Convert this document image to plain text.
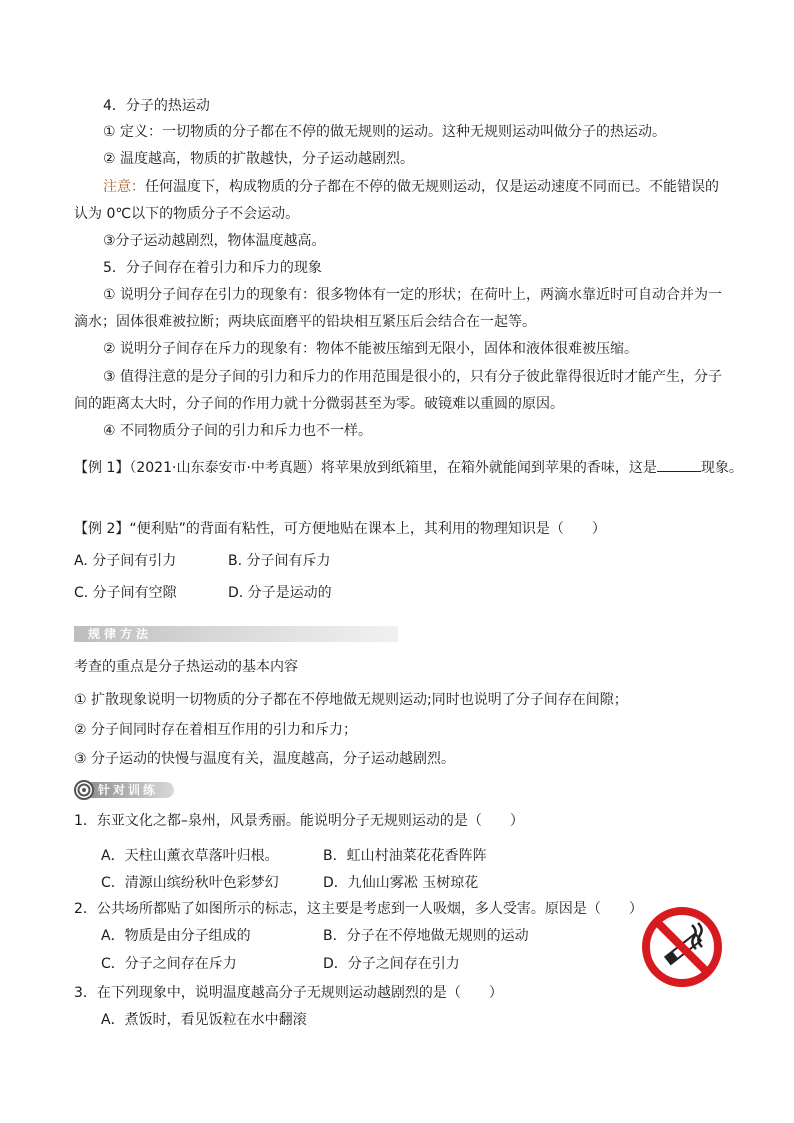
4．分子的热运动
① 定义：一切物质的分子都在不停的做无规则的运动。这种无规则运动叫做分子的热运动。
② 温度越高，物质的扩散越快，分子运动越剧烈。
注意：任何温度下，构成物质的分子都在不停的做无规则运动，仅是运动速度不同而已。不能错误的
认为 0℃以下的物质分子不会运动。
③分子运动越剧烈，物体温度越高。
5．分子间存在着引力和斥力的现象
① 说明分子间存在引力的现象有：很多物体有一定的形状；在荷叶上，两滴水靠近时可自动合并为一
滴水；固体很难被拉断；两块底面磨平的铅块相互紧压后会结合在一起等。
② 说明分子间存在斥力的现象有：物体不能被压缩到无限小，固体和液体很难被压缩。
③ 值得注意的是分子间的引力和斥力的作用范围是很小的，只有分子彼此靠得很近时才能产生，分子
间的距离太大时，分子间的作用力就十分微弱甚至为零。破镜难以重圆的原因。
④ 不同物质分子间的引力和斥力也不一样。
【例 1】（2021·山东泰安市·中考真题）将苹果放到纸箱里，在箱外就能闻到苹果的香味，这是	现象。
【例 2】“便利贴”的背面有粘性，可方便地贴在课本上，其利用的物理知识是（　　）
A. 分子间有引力	B. 分子间有斥力
C. 分子间有空隙	D. 分子是运动的
规律方法
考查的重点是分子热运动的基本内容
① 扩散现象说明一切物质的分子都在不停地做无规则运动;同时也说明了分子间存在间隙；
② 分子间同时存在着相互作用的引力和斥力；
③ 分子运动的快慢与温度有关，温度越高，分子运动越剧烈。
针对训练
1．东亚文化之都–泉州，风景秀丽。能说明分子无规则运动的是（　　）
A．天柱山薰衣草落叶归根。	B．虹山村油菜花花香阵阵
C．清源山缤纷秋叶色彩梦幻	D．九仙山雾凇 玉树琼花
2．公共场所都贴了如图所示的标志，这主要是考虑到一人吸烟，多人受害。原因是（　　）
A．物质是由分子组成的	B．分子在不停地做无规则的运动
C．分子之间存在斥力	D．分子之间存在引力
3．在下列现象中，说明温度越高分子无规则运动越剧烈的是（　　）
A．煮饭时，看见饭粒在水中翻滚
